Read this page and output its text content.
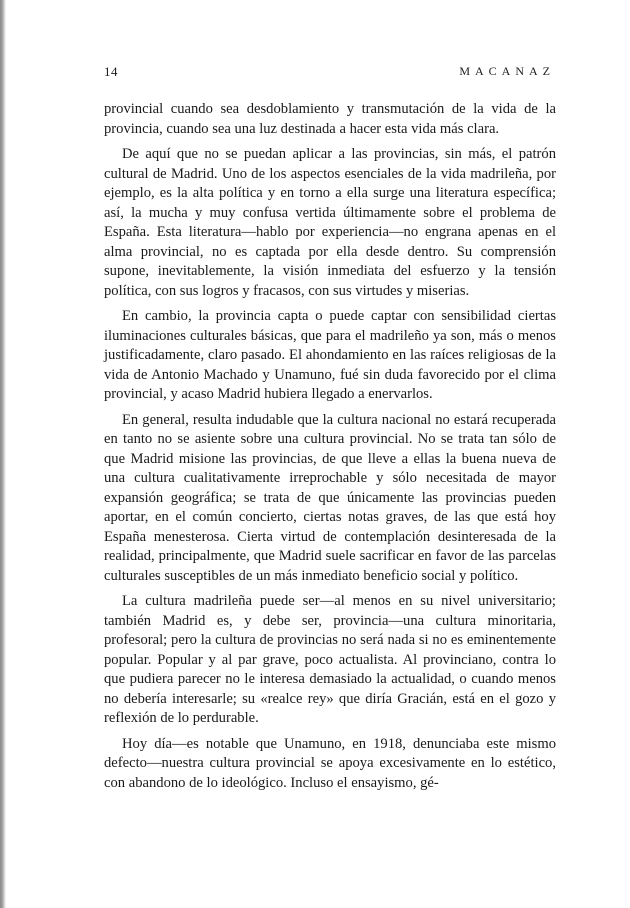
14	MACANAZ

provincial cuando sea desdoblamiento y transmutación de la vida de la provincia, cuando sea una luz destinada a hacer esta vida más clara.

De aquí que no se puedan aplicar a las provincias, sin más, el patrón cultural de Madrid. Uno de los aspectos esenciales de la vida madrileña, por ejemplo, es la alta política y en torno a ella surge una literatura específica; así, la mucha y muy confusa vertida últimamente sobre el problema de España. Esta literatura—hablo por experiencia—no engrana apenas en el alma provincial, no es captada por ella desde dentro. Su comprensión supone, inevitablemente, la visión inmediata del esfuerzo y la tensión política, con sus logros y fracasos, con sus virtudes y miserias.

En cambio, la provincia capta o puede captar con sensibilidad ciertas iluminaciones culturales básicas, que para el madrileño ya son, más o menos justificadamente, claro pasado. El ahondamiento en las raíces religiosas de la vida de Antonio Machado y Unamuno, fué sin duda favorecido por el clima provincial, y acaso Madrid hubiera llegado a enervarlos.

En general, resulta indudable que la cultura nacional no estará recuperada en tanto no se asiente sobre una cultura provincial. No se trata tan sólo de que Madrid misione las provincias, de que lleve a ellas la buena nueva de una cultura cualitativamente irreprochable y sólo necesitada de mayor expansión geográfica; se trata de que únicamente las provincias pueden aportar, en el común concierto, ciertas notas graves, de las que está hoy España menesterosa. Cierta virtud de contemplación desinteresada de la realidad, principalmente, que Madrid suele sacrificar en favor de las parcelas culturales susceptibles de un más inmediato beneficio social y político.

La cultura madrileña puede ser—al menos en su nivel universitario; también Madrid es, y debe ser, provincia—una cultura minoritaria, profesoral; pero la cultura de provincias no será nada si no es eminentemente popular. Popular y al par grave, poco actualista. Al provinciano, contra lo que pudiera parecer no le interesa demasiado la actualidad, o cuando menos no debería interesarle; su «realce rey» que diría Gracián, está en el gozo y reflexión de lo perdurable.

Hoy día—es notable que Unamuno, en 1918, denunciaba este mismo defecto—nuestra cultura provincial se apoya excesivamente en lo estético, con abandono de lo ideológico. Incluso el ensayismo, gé-
